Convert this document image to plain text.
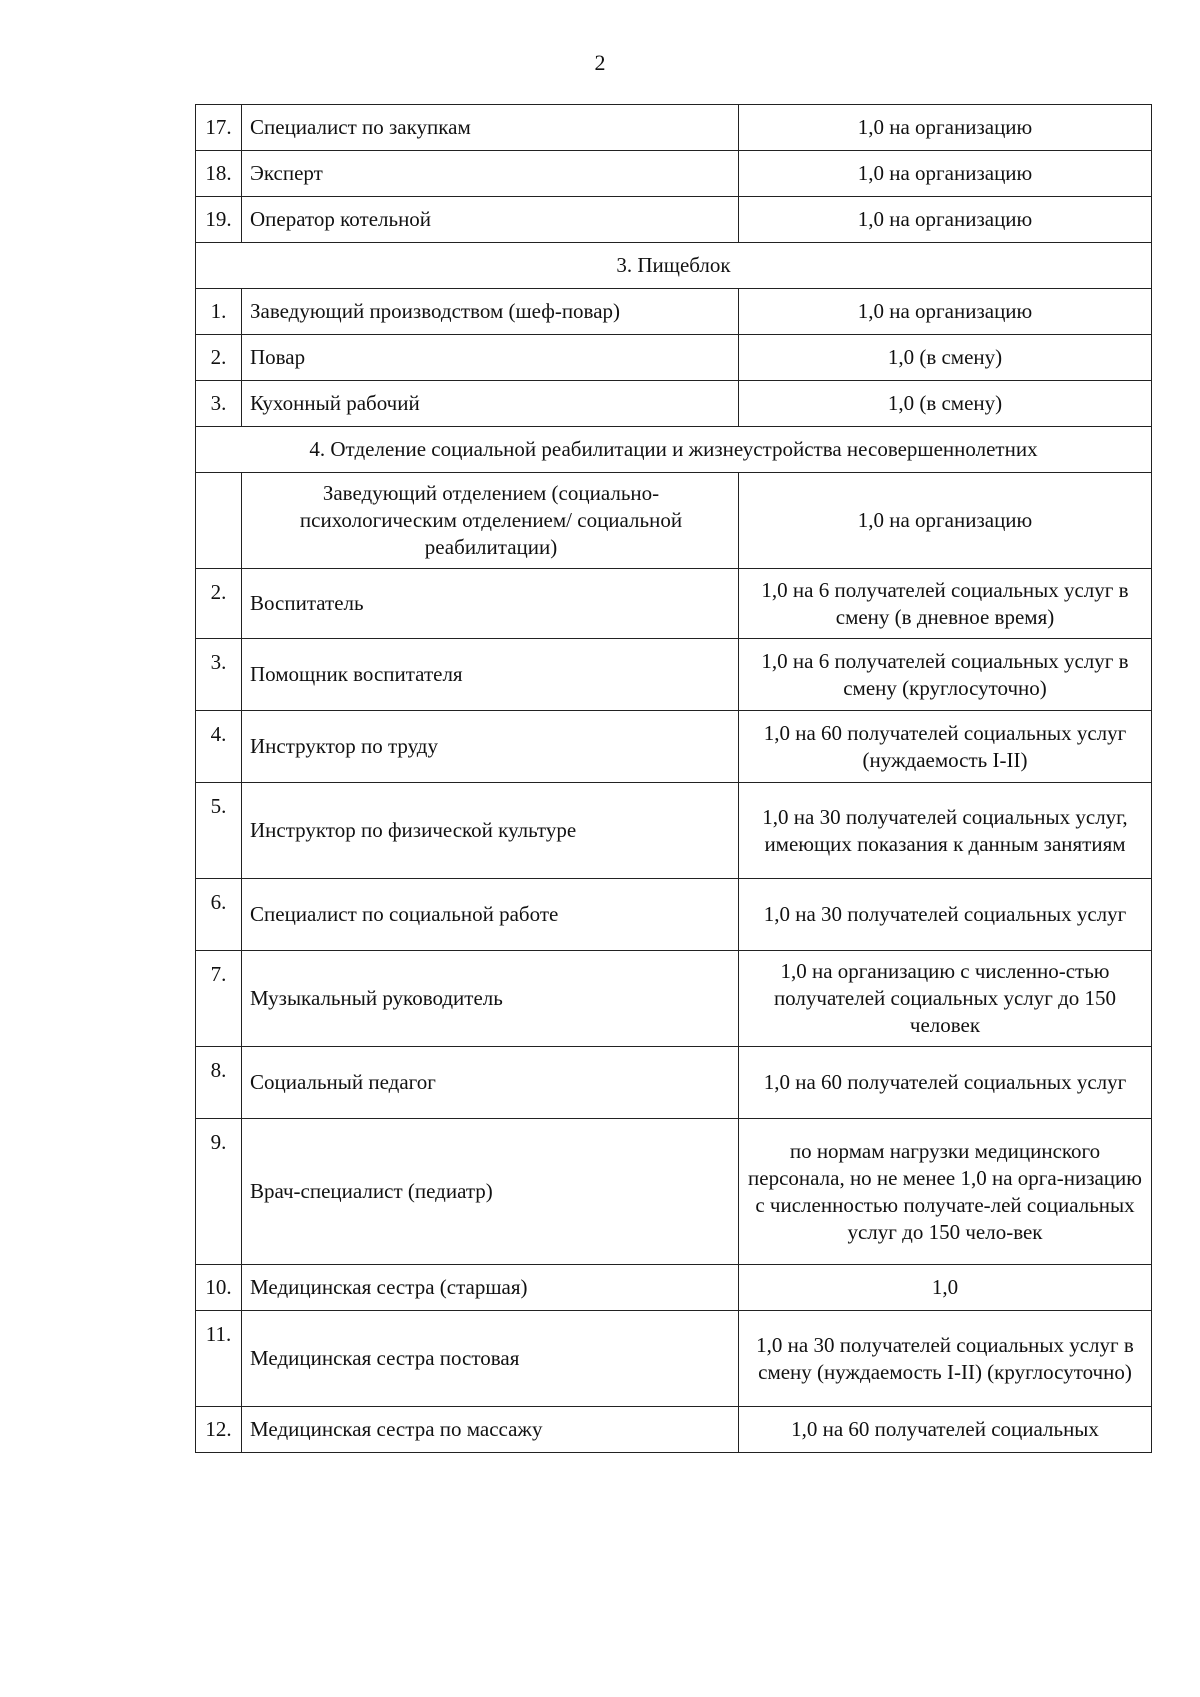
2
17.	Специалист по закупкам	1,0 на организацию
18.	Эксперт	1,0 на организацию
19.	Оператор котельной	1,0 на организацию
3. Пищеблок		
1.	Заведующий производством (шеф-повар)	1,0 на организацию
2.	Повар	1,0 (в смену)
3.	Кухонный рабочий	1,0 (в смену)
4. Отделение социальной реабилитации и жизнеустройства несовершеннолетних		
	Заведующий отделением (социально-психологическим отделением/ социальной реабилитации)	1,0 на организацию
2.	Воспитатель	1,0 на 6 получателей социальных услуг в смену (в дневное время)
3.	Помощник воспитателя	1,0 на 6 получателей социальных услуг в смену (круглосуточно)
4.	Инструктор по труду	1,0 на 60 получателей социальных услуг (нуждаемость I-II)
5.	Инструктор по физической культуре	1,0 на 30 получателей социальных услуг, имеющих показания к данным занятиям
6.	Специалист по социальной работе	1,0 на 30 получателей социальных услуг
7.	Музыкальный руководитель	1,0 на организацию с численно-стью получателей социальных услуг до 150 человек
8.	Социальный педагог	1,0 на 60 получателей социальных услуг
9.	Врач-специалист (педиатр)	по нормам нагрузки медицинского персонала, но не менее 1,0 на орга-низацию с численностью получате-лей социальных услуг до 150 чело-век
10.	Медицинская сестра (старшая)	1,0
11.	Медицинская сестра постовая	1,0 на 30 получателей социальных услуг в смену (нуждаемость I-II) (круглосуточно)
12.	Медицинская сестра по массажу	1,0 на 60 получателей социальных
